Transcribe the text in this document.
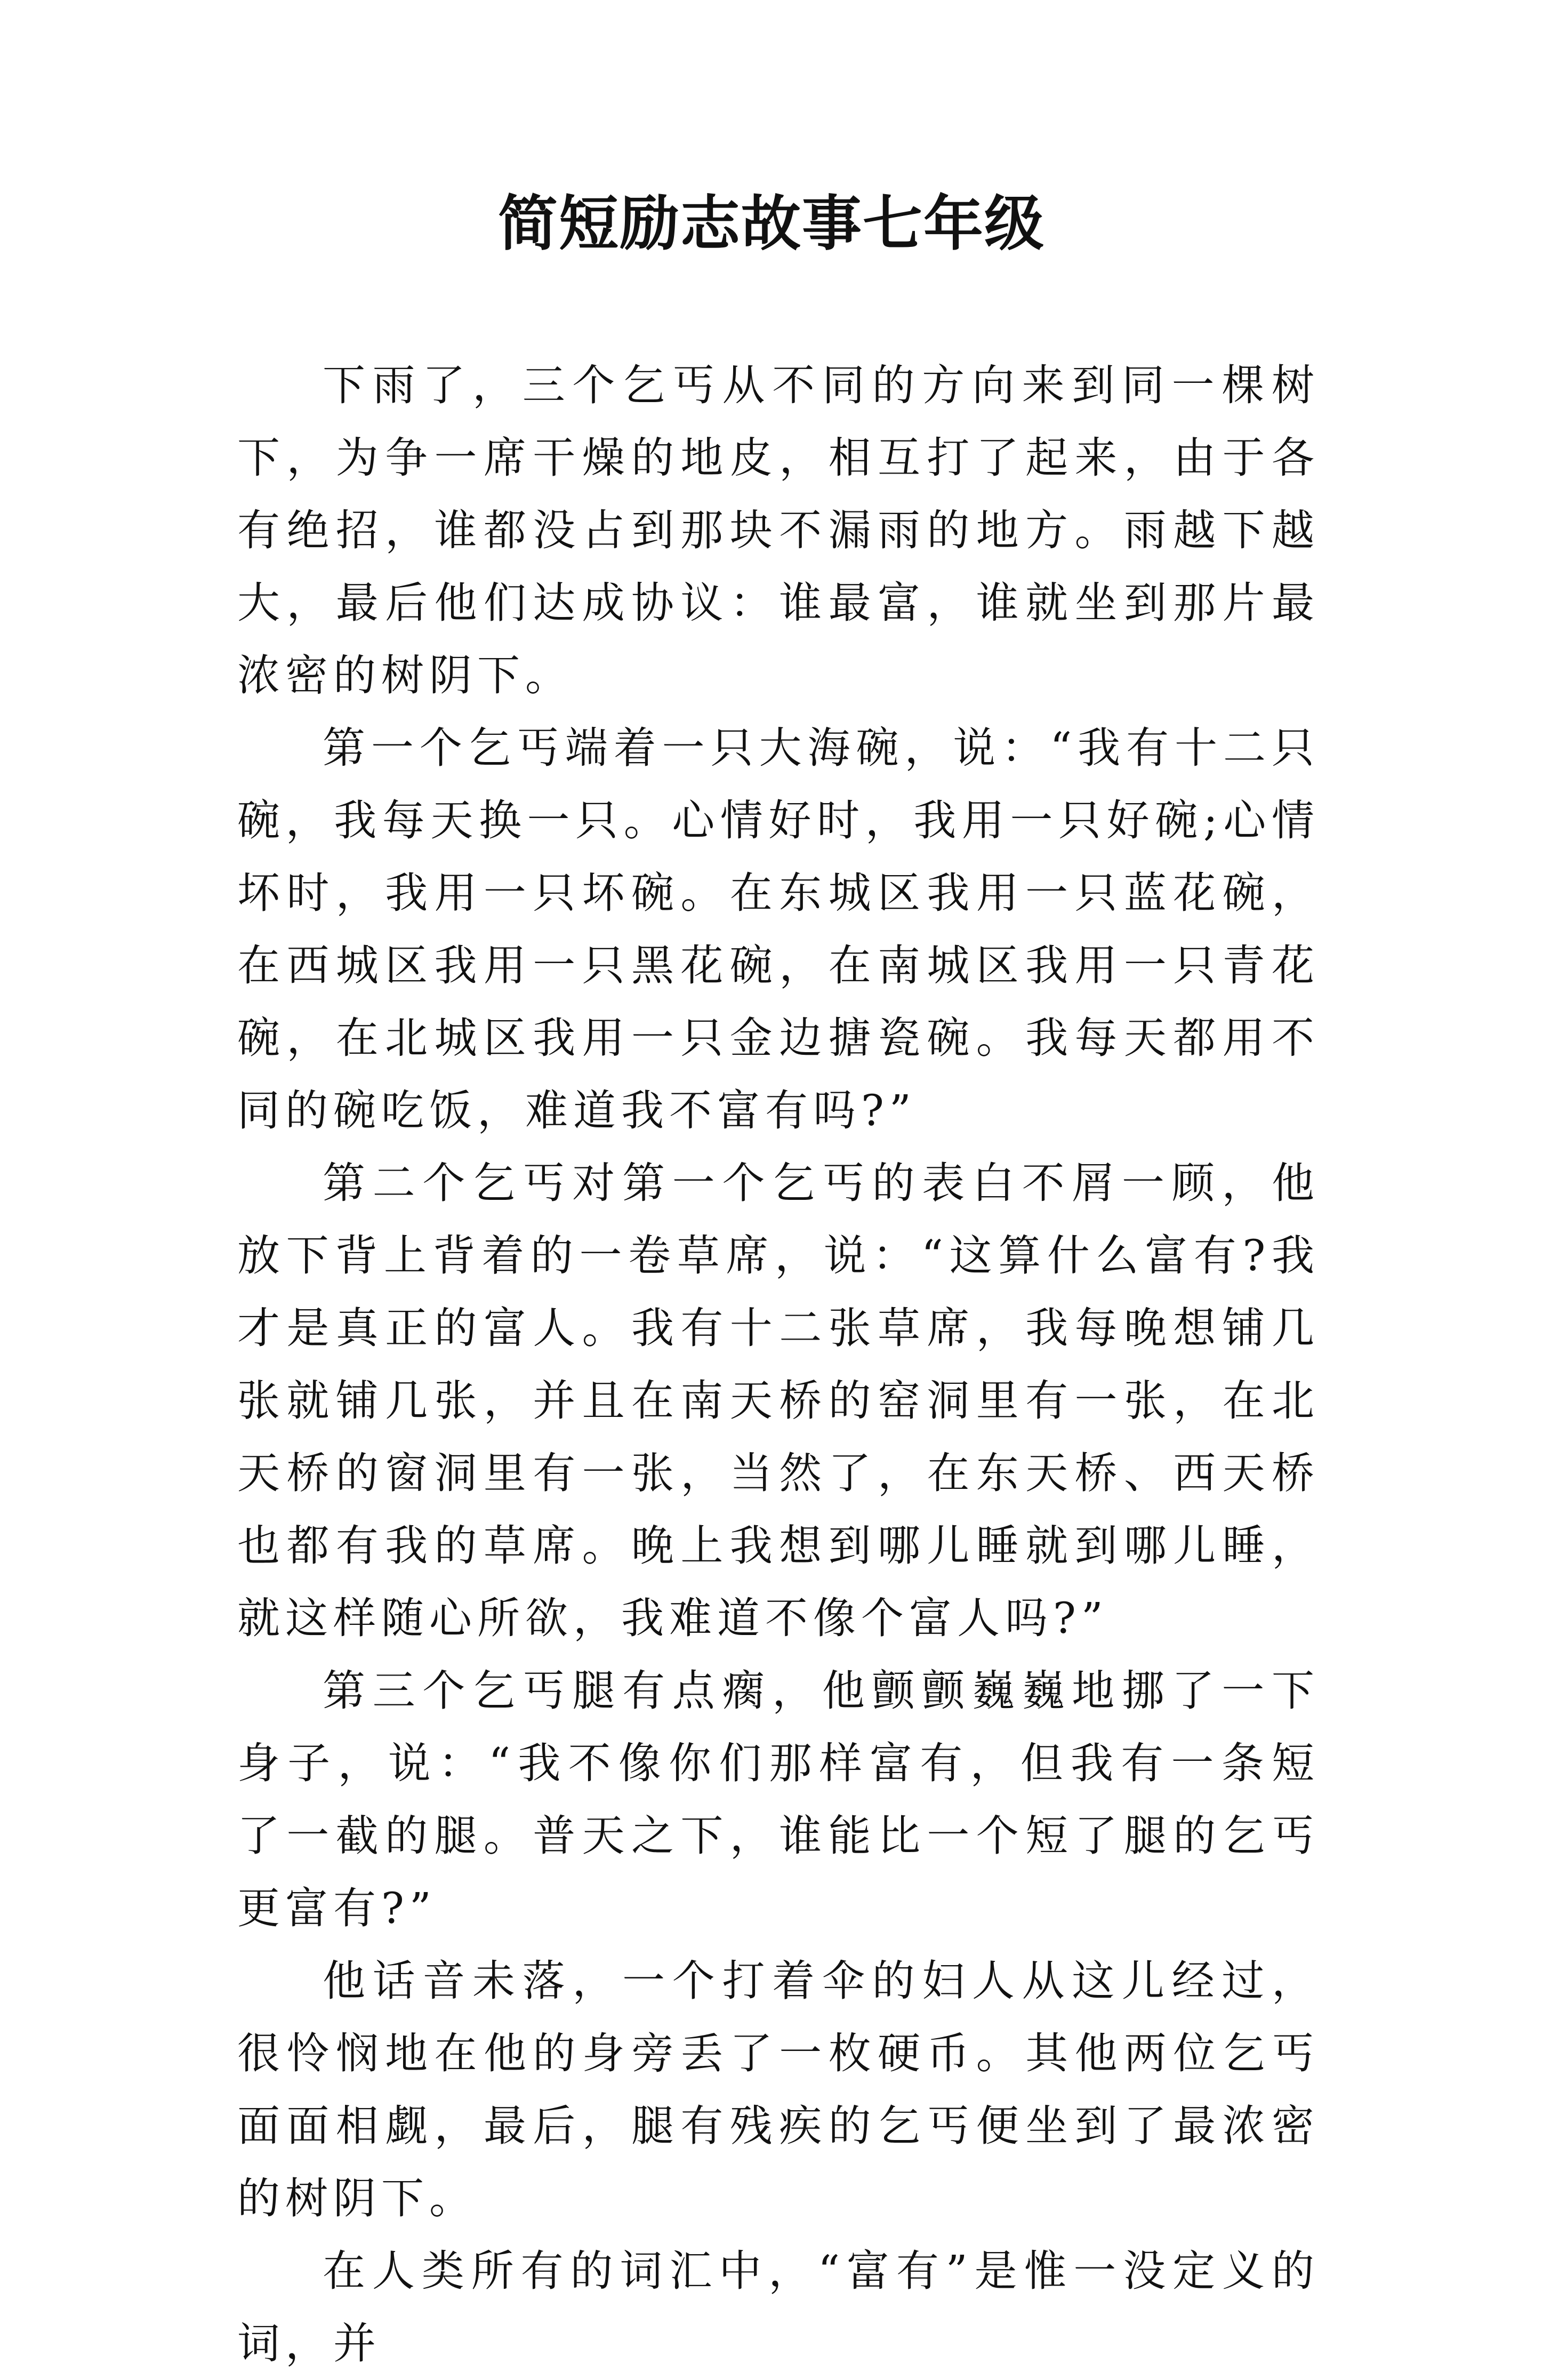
简短励志故事七年级

下雨了，三个乞丐从不同的方向来到同一棵树下，为争一席干燥的地皮，相互打了起来，由于各有绝招，谁都没占到那块不漏雨的地方。雨越下越大，最后他们达成协议：谁最富，谁就坐到那片最浓密的树阴下。

第一个乞丐端着一只大海碗，说：“我有十二只碗，我每天换一只。心情好时，我用一只好碗;心情坏时，我用一只坏碗。在东城区我用一只蓝花碗，在西城区我用一只黑花碗，在南城区我用一只青花碗，在北城区我用一只金边搪瓷碗。我每天都用不同的碗吃饭，难道我不富有吗?”

第二个乞丐对第一个乞丐的表白不屑一顾，他放下背上背着的一卷草席，说：“这算什么富有?我才是真正的富人。我有十二张草席，我每晚想铺几张就铺几张，并且在南天桥的窑洞里有一张，在北天桥的窗洞里有一张，当然了，在东天桥、西天桥也都有我的草席。晚上我想到哪儿睡就到哪儿睡，就这样随心所欲，我难道不像个富人吗?”

第三个乞丐腿有点瘸，他颤颤巍巍地挪了一下身子，说：“我不像你们那样富有，但我有一条短了一截的腿。普天之下，谁能比一个短了腿的乞丐更富有?”

他话音未落，一个打着伞的妇人从这儿经过，很怜悯地在他的身旁丢了一枚硬币。其他两位乞丐面面相觑，最后，腿有残疾的乞丐便坐到了最浓密的树阴下。

在人类所有的词汇中，“富有”是惟一没定义的词，并
